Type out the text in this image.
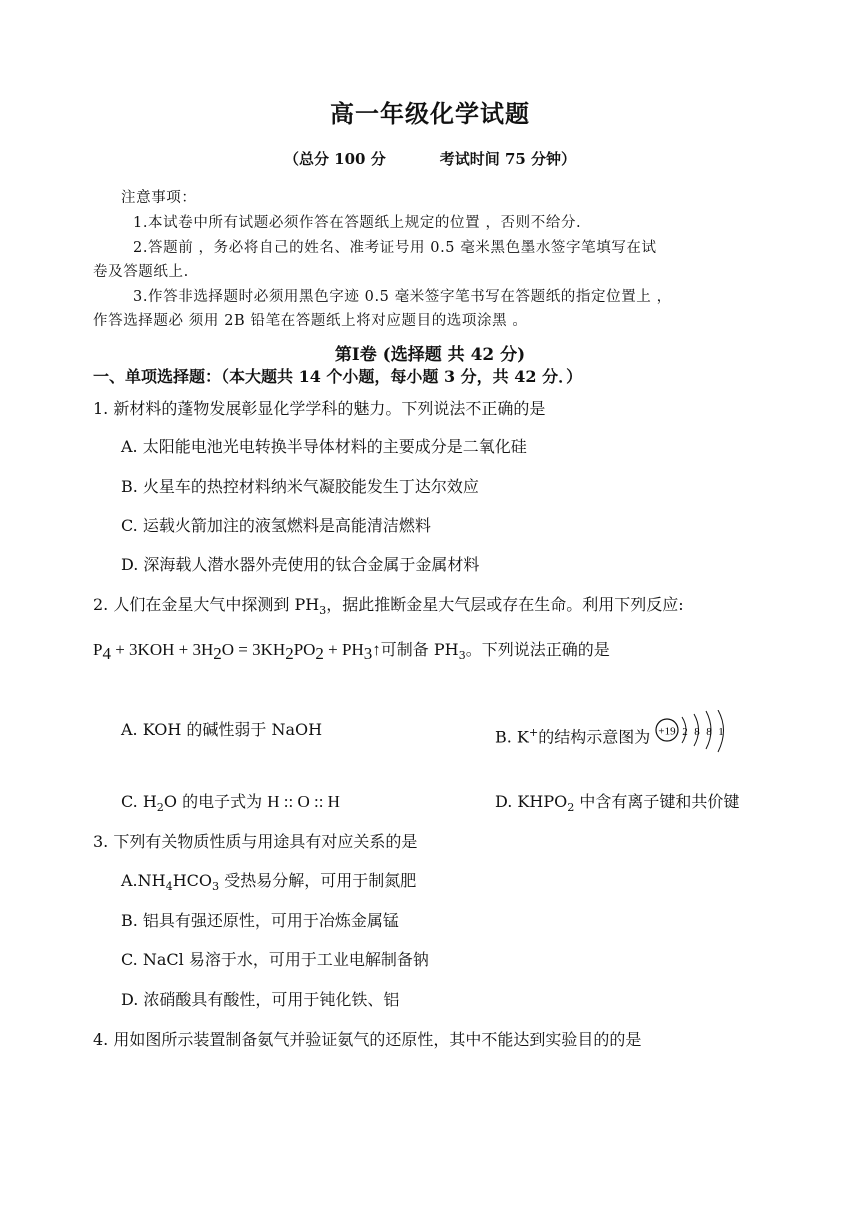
高一年级化学试题
（总分 100 分	考试时间 75 分钟）
注意事项：
1.本试卷中所有试题必须作答在答题纸上规定的位置 ，否则不给分.
2.答题前 ，务必将自己的姓名、准考证号用 0.5 毫米黑色墨水签字笔填写在试
卷及答题纸上.
3.作答非选择题时必须用黑色字迹 0.5 毫米签字笔书写在答题纸的指定位置上 ，
作答选择题必 须用 2B 铅笔在答题纸上将对应题目的选项涂黑 。
第Ⅰ卷 (选择题 共 42 分)
一、单项选择题：（本大题共 14 个小题，每小题 3 分，共 42 分．）
1. 新材料的蓬物发展彰显化学学科的魅力。下列说法不正确的是
A. 太阳能电池光电转换半导体材料的主要成分是二氧化硅
B. 火星车的热控材料纳米气凝胶能发生丁达尔效应
C. 运载火箭加注的液氢燃料是高能清洁燃料
D. 深海载人潜水器外壳使用的钛合金属于金属材料
2. 人们在金星大气中探测到 $PH_3$，据此推断金星大气层或存在生命。利用下列反应:
$P_4 + 3KOH + 3H_2O = 3KH_2PO_2$ + $PH_3↑$可制备 $PH_3$。下列说法正确的是
A. KOH 的碱性弱于 NaOH	B. K+的结构示意图为 +19 2 8 8 1
C. $H_2O$ 的电子式为 H :: O :: H	D. $KHPO_2$ 中含有离子键和共价键
3. 下列有关物质性质与用途具有对应关系的是
$A.NH_4HCO_3$ 受热易分解，可用于制氮肥
B. 铝具有强还原性，可用于冶炼金属锰
C. NaCl 易溶于水，可用于工业电解制备钠
D. 浓硝酸具有酸性，可用于钝化铁、铝
4. 用如图所示装置制备氨气并验证氨气的还原性，其中不能达到实验目的的是
